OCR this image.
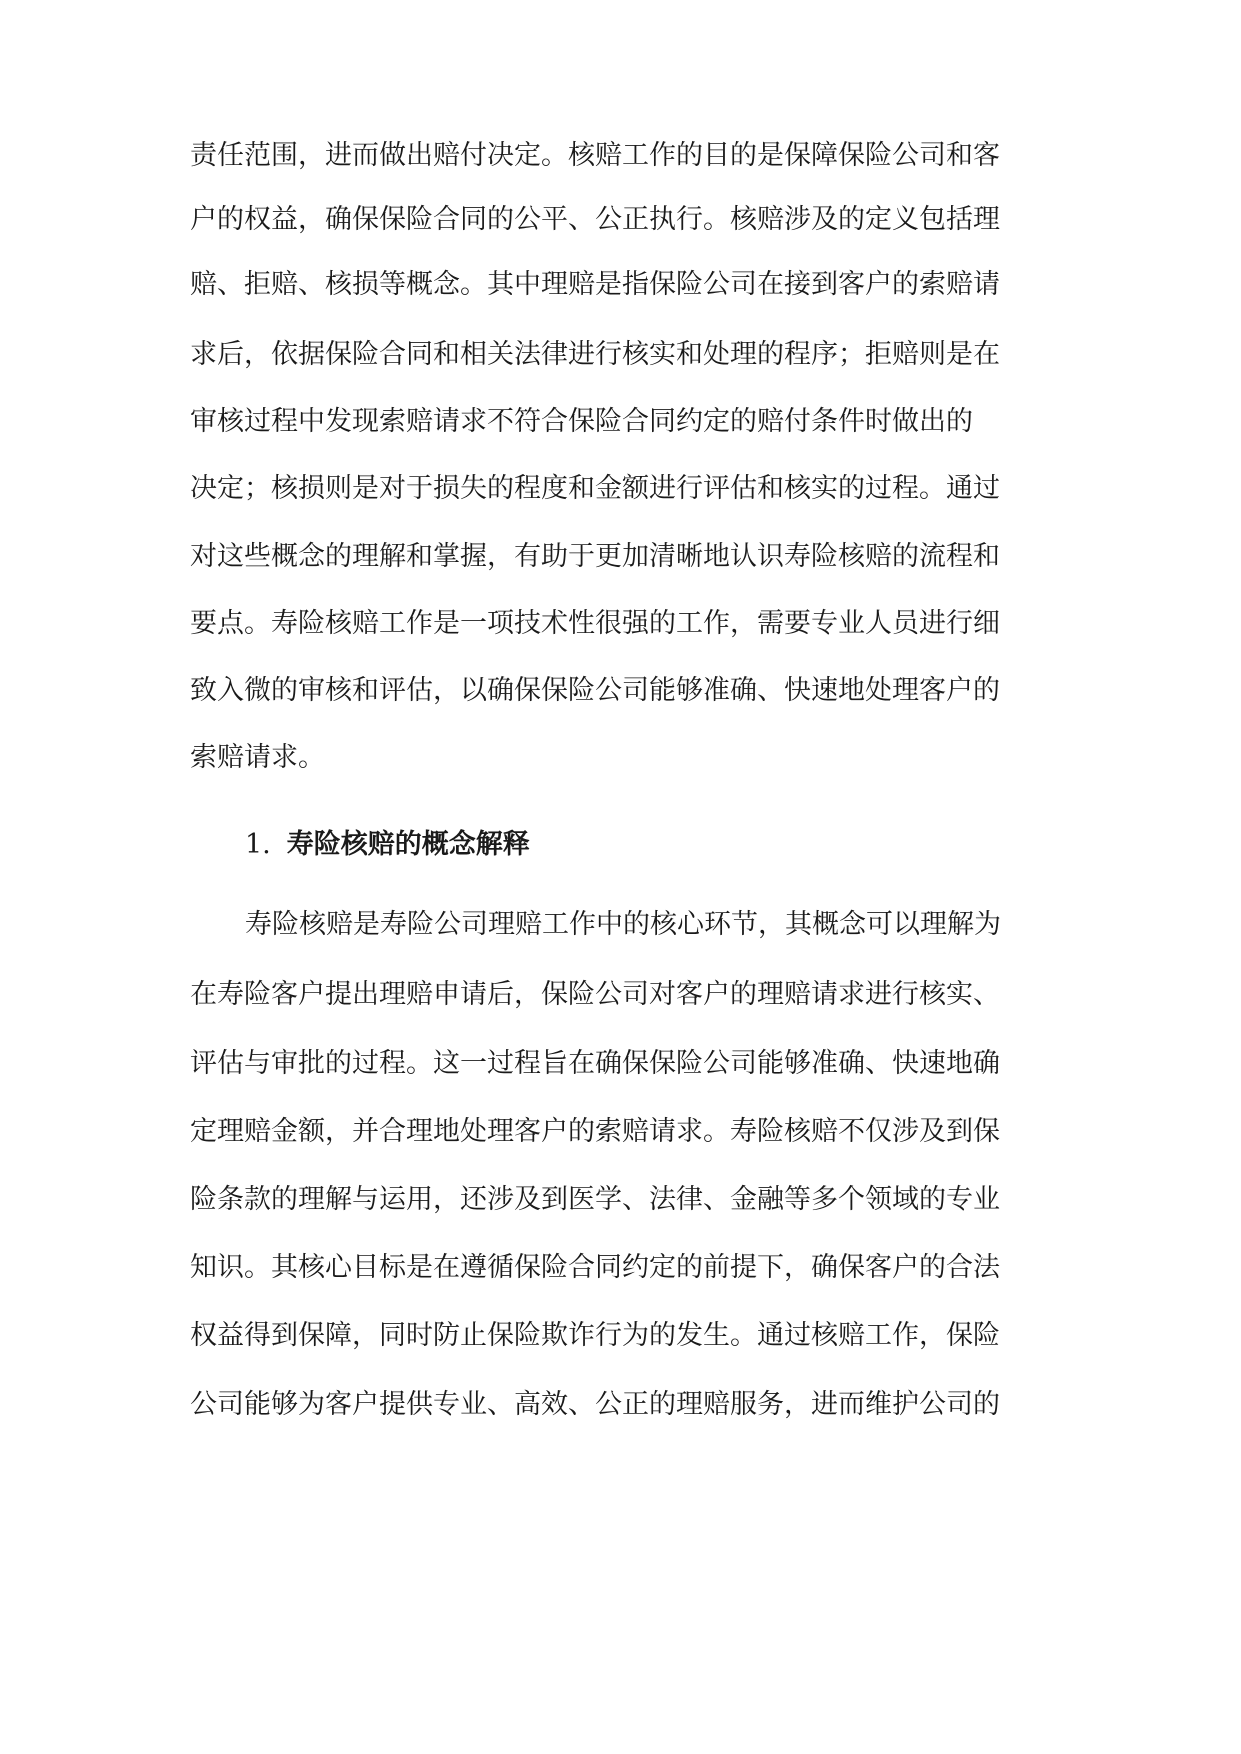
责任范围，进而做出赔付决定。核赔工作的目的是保障保险公司和客
户的权益，确保保险合同的公平、公正执行。核赔涉及的定义包括理
赔、拒赔、核损等概念。其中理赔是指保险公司在接到客户的索赔请
求后，依据保险合同和相关法律进行核实和处理的程序；拒赔则是在
审核过程中发现索赔请求不符合保险合同约定的赔付条件时做出的
决定；核损则是对于损失的程度和金额进行评估和核实的过程。通过
对这些概念的理解和掌握，有助于更加清晰地认识寿险核赔的流程和
要点。寿险核赔工作是一项技术性很强的工作，需要专业人员进行细
致入微的审核和评估，以确保保险公司能够准确、快速地处理客户的
索赔请求。
1. 寿险核赔的概念解释
寿险核赔是寿险公司理赔工作中的核心环节，其概念可以理解为
在寿险客户提出理赔申请后，保险公司对客户的理赔请求进行核实、
评估与审批的过程。这一过程旨在确保保险公司能够准确、快速地确
定理赔金额，并合理地处理客户的索赔请求。寿险核赔不仅涉及到保
险条款的理解与运用，还涉及到医学、法律、金融等多个领域的专业
知识。其核心目标是在遵循保险合同约定的前提下，确保客户的合法
权益得到保障，同时防止保险欺诈行为的发生。通过核赔工作，保险
公司能够为客户提供专业、高效、公正的理赔服务，进而维护公司的
